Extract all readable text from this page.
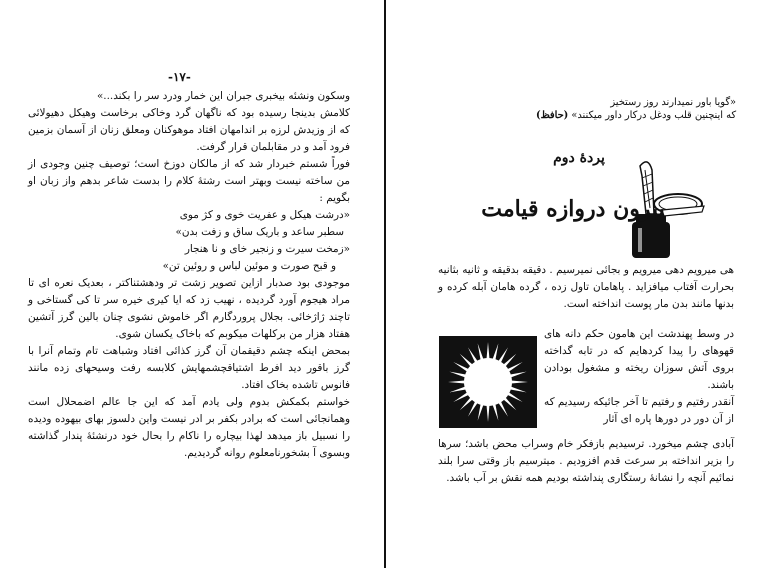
-۱۷-

وسکون ونشئه بیخبری جبران این خمار ودرد سر را بکند...»

کلامش بدینجا رسیده بود که ناگهان گرد وخاکی برخاست وهیکل دهیولائی که از وزیدش لرزه بر اندامهان افتاد موهوکنان ومعلق زنان از آسمان بزمین فرود آمد و در مقابلمان قرار گرفت.

فوراً شستم خبردار شد که از مالکان دوزخ است؛ توصیف چنین وجودی از من ساخته نیست وبهتر است رشتهٔ کلام را بدست شاعر بدهم واز زبان او بگویم :

«درشت هیکل و عفریت خوی و کژ موی

سطبر ساعد و باریک ساق و زفت بدن»

«زمخت سیرت و زنجیر خای و نا هنجار

و قبح صورت و موئین لباس و روئین تن»

موجودی بود صدبار ازاین تصویر زشت تر ودهشتناکتر ، بعدیک نعره ای تا مراد هیجوم آورد گردیده ، نهیب زد که ایا کیری خیره سر تا کی گستاخی و تاچند ژاژخائی. بجلال پروردگارم اگر خاموش نشوی چنان بالین گرز آتشین هفتاد هزار من برکلهات میکوبم که باخاک یکسان شوی.

بمحض اینکه چشم دقیقمان آن گرز کذائی افتاد وشباهت تام وتمام آنرا با گرز باقور دید افرط اشتیاقچشمهایش کلابسه رفت وسیحهای زده مانند فانوس تاشده بخاک افتاد.

خواستم بکمکش بدوم ولی یادم آمد که این جا عالم اضمحلال است وهمانجائی است که برادر بکفر بر ادر نیست واین دلسوز بهای بیهوده ودیده را نسبیل باز میدهد لهذا بیچاره را ناکام را بحال خود درنشئهٔ پندار گذاشته وبسوی آ بشخورنامعلوم روانه گردیدیم.

«گویا باور نمیدارند روز رستخیز
که اینچنین قلب ودغل درکار داور میکنند» (حافظ)
پردهٔ دوم
بیرون دروازه قیامت

هی میرویم دهی میرویم و بجائی نمیرسیم . دقیقه بدقیقه و ثانیه بثانیه بحرارت آفتاب میافزاید . پاهامان تاول زده ، گرده هامان آبله کرده و بدنها مانند بدن مار پوست انداخته است.

در وسط پهندشت این هامون حکم دانه های قهوهای را پیدا کردهایم که در تابه گداخته بروی آتش سوزان ریخته و مشغول بودادن باشند.

آنقدر رفتیم و رفتیم تا آخر جائیکه رسیدیم که از آن دور در دورها پاره ای آثار

آبادی چشم میخورد. ترسیدیم بازفکر خام وسراب محض باشد؛ سرها را بزیر انداخته بر سرعت قدم افزودیم . میترسیم باز وقتی سرا بلند نمائیم آنچه را نشانهٔ رستگاری پنداشته بودیم همه نقش بر آب باشد.
